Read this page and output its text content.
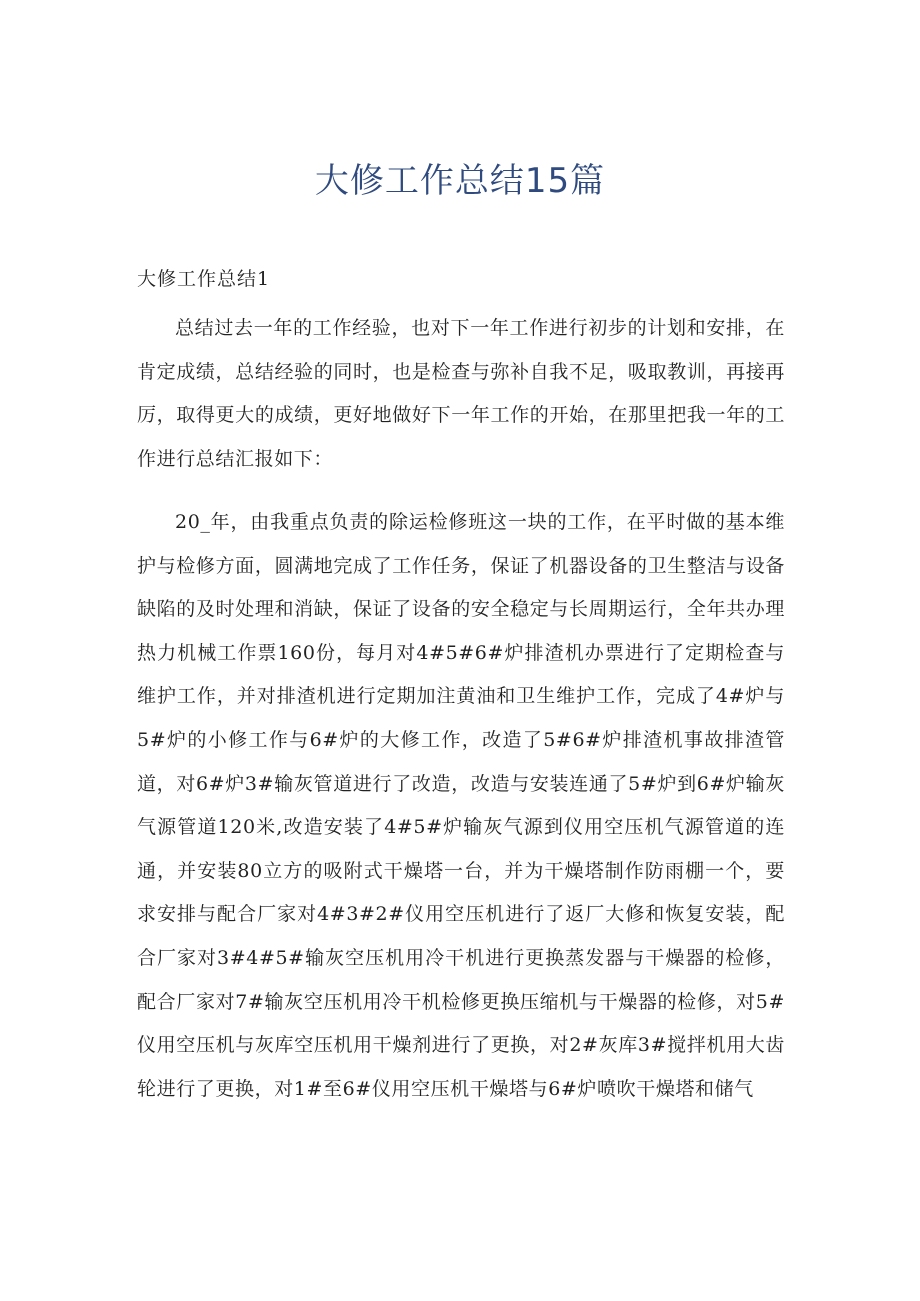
大修工作总结15篇
大修工作总结1

总结过去一年的工作经验，也对下一年工作进行初步的计划和安排，在肯定成绩，总结经验的同时，也是检查与弥补自我不足，吸取教训，再接再厉，取得更大的成绩，更好地做好下一年工作的开始，在那里把我一年的工作进行总结汇报如下：

20_年，由我重点负责的除运检修班这一块的工作，在平时做的基本维护与检修方面，圆满地完成了工作任务，保证了机器设备的卫生整洁与设备缺陷的及时处理和消缺，保证了设备的安全稳定与长周期运行，全年共办理热力机械工作票160份，每月对4#5#6#炉排渣机办票进行了定期检查与维护工作，并对排渣机进行定期加注黄油和卫生维护工作，完成了4#炉与5#炉的小修工作与6#炉的大修工作，改造了5#6#炉排渣机事故排渣管道，对6#炉3#输灰管道进行了改造，改造与安装连通了5#炉到6#炉输灰气源管道120米,改造安装了4#5#炉输灰气源到仪用空压机气源管道的连通，并安装80立方的吸附式干燥塔一台，并为干燥塔制作防雨棚一个，要求安排与配合厂家对4#3#2#仪用空压机进行了返厂大修和恢复安装，配合厂家对3#4#5#输灰空压机用冷干机进行更换蒸发器与干燥器的检修，配合厂家对7#输灰空压机用冷干机检修更换压缩机与干燥器的检修，对5#仪用空压机与灰库空压机用干燥剂进行了更换，对2#灰库3#搅拌机用大齿轮进行了更换，对1#至6#仪用空压机干燥塔与6#炉喷吹干燥塔和储气
